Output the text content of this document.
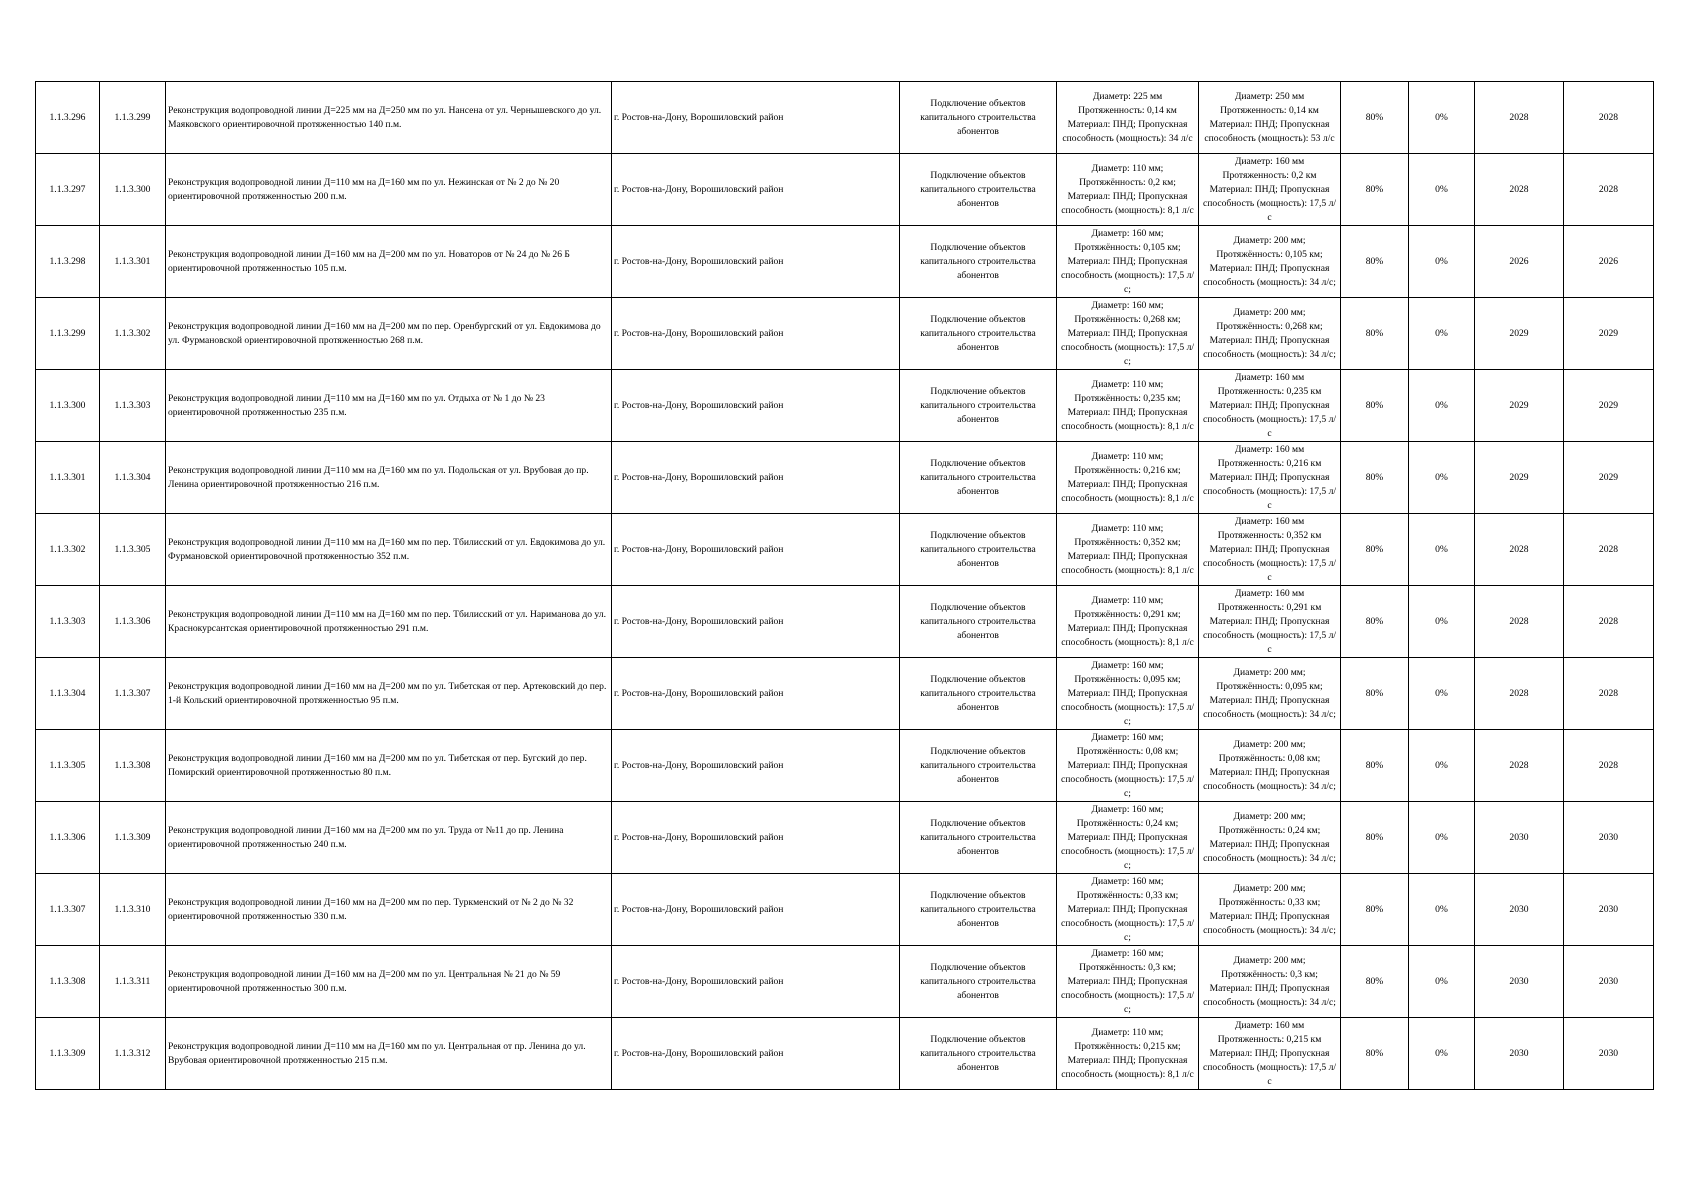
1.1.3.296	1.1.3.299	Реконструкция водопроводной линии Д=225 мм на Д=250 мм по ул. Нансена от ул. Чернышевского до ул. Маяковского ориентировочной протяженностью 140 п.м.	г. Ростов-на-Дону, Ворошиловский район	Подключение объектов капитального строительства абонентов	Диаметр: 225 мм Протяженность: 0,14 км Материал: ПНД; Пропускная способность (мощность): 34 л/с	Диаметр: 250 мм Протяженность: 0,14 км Материал: ПНД; Пропускная способность (мощность): 53 л/с	80%	0%	2028	2028
1.1.3.297	1.1.3.300	Реконструкция водопроводной линии Д=110 мм на Д=160 мм по ул. Нежинская от № 2 до № 20 ориентировочной протяженностью 200 п.м.	г. Ростов-на-Дону, Ворошиловский район	Подключение объектов капитального строительства абонентов	Диаметр: 110 мм; Протяжённость: 0,2 км; Материал: ПНД; Пропускная способность (мощность): 8,1 л/с	Диаметр: 160 мм Протяженность: 0,2 км Материал: ПНД; Пропускная способность (мощность): 17,5 л/с	80%	0%	2028	2028
1.1.3.298	1.1.3.301	Реконструкция водопроводной линии Д=160 мм на Д=200 мм по ул. Новаторов от № 24 до № 26 Б ориентировочной протяженностью 105 п.м.	г. Ростов-на-Дону, Ворошиловский район	Подключение объектов капитального строительства абонентов	Диаметр: 160 мм; Протяжённость: 0,105 км; Материал: ПНД; Пропускная способность (мощность): 17,5 л/с;	Диаметр: 200 мм; Протяжённость: 0,105 км; Материал: ПНД; Пропускная способность (мощность): 34 л/с;	80%	0%	2026	2026
1.1.3.299	1.1.3.302	Реконструкция водопроводной линии Д=160 мм на Д=200 мм по пер. Оренбургский от ул. Евдокимова до ул. Фурмановской ориентировочной протяженностью 268 п.м.	г. Ростов-на-Дону, Ворошиловский район	Подключение объектов капитального строительства абонентов	Диаметр: 160 мм; Протяжённость: 0,268 км; Материал: ПНД; Пропускная способность (мощность): 17,5 л/с;	Диаметр: 200 мм; Протяжённость: 0,268 км; Материал: ПНД; Пропускная способность (мощность): 34 л/с;	80%	0%	2029	2029
1.1.3.300	1.1.3.303	Реконструкция водопроводной линии Д=110 мм на Д=160 мм по ул. Отдыха от № 1 до № 23 ориентировочной протяженностью 235 п.м.	г. Ростов-на-Дону, Ворошиловский район	Подключение объектов капитального строительства абонентов	Диаметр: 110 мм; Протяжённость: 0,235 км; Материал: ПНД; Пропускная способность (мощность): 8,1 л/с	Диаметр: 160 мм Протяженность: 0,235 км Материал: ПНД; Пропускная способность (мощность): 17,5 л/с	80%	0%	2029	2029
1.1.3.301	1.1.3.304	Реконструкция водопроводной линии Д=110 мм на Д=160 мм по ул. Подольская от ул. Врубовая до пр. Ленина ориентировочной протяженностью 216 п.м.	г. Ростов-на-Дону, Ворошиловский район	Подключение объектов капитального строительства абонентов	Диаметр: 110 мм; Протяжённость: 0,216 км; Материал: ПНД; Пропускная способность (мощность): 8,1 л/с	Диаметр: 160 мм Протяженность: 0,216 км Материал: ПНД; Пропускная способность (мощность): 17,5 л/с	80%	0%	2029	2029
1.1.3.302	1.1.3.305	Реконструкция водопроводной линии Д=110 мм на Д=160 мм по пер. Тбилисский от ул. Евдокимова до ул. Фурмановской ориентировочной протяженностью 352 п.м.	г. Ростов-на-Дону, Ворошиловский район	Подключение объектов капитального строительства абонентов	Диаметр: 110 мм; Протяжённость: 0,352 км; Материал: ПНД; Пропускная способность (мощность): 8,1 л/с	Диаметр: 160 мм Протяженность: 0,352 км Материал: ПНД; Пропускная способность (мощность): 17,5 л/с	80%	0%	2028	2028
1.1.3.303	1.1.3.306	Реконструкция водопроводной линии Д=110 мм на Д=160 мм по пер. Тбилисский от ул. Нариманова до ул. Краснокурсантская ориентировочной протяженностью 291 п.м.	г. Ростов-на-Дону, Ворошиловский район	Подключение объектов капитального строительства абонентов	Диаметр: 110 мм; Протяжённость: 0,291 км; Материал: ПНД; Пропускная способность (мощность): 8,1 л/с	Диаметр: 160 мм Протяженность: 0,291 км Материал: ПНД; Пропускная способность (мощность): 17,5 л/с	80%	0%	2028	2028
1.1.3.304	1.1.3.307	Реконструкция водопроводной линии Д=160 мм на Д=200 мм по ул. Тибетская от пер. Артековский до пер. 1-й Кольский ориентировочной протяженностью 95 п.м.	г. Ростов-на-Дону, Ворошиловский район	Подключение объектов капитального строительства абонентов	Диаметр: 160 мм; Протяжённость: 0,095 км; Материал: ПНД; Пропускная способность (мощность): 17,5 л/с;	Диаметр: 200 мм; Протяжённость: 0,095 км; Материал: ПНД; Пропускная способность (мощность): 34 л/с;	80%	0%	2028	2028
1.1.3.305	1.1.3.308	Реконструкция водопроводной линии Д=160 мм на Д=200 мм по ул. Тибетская от пер. Бугский до пер. Помирский ориентировочной протяженностью 80 п.м.	г. Ростов-на-Дону, Ворошиловский район	Подключение объектов капитального строительства абонентов	Диаметр: 160 мм; Протяжённость: 0,08 км; Материал: ПНД; Пропускная способность (мощность): 17,5 л/с;	Диаметр: 200 мм; Протяжённость: 0,08 км; Материал: ПНД; Пропускная способность (мощность): 34 л/с;	80%	0%	2028	2028
1.1.3.306	1.1.3.309	Реконструкция водопроводной линии Д=160 мм на Д=200 мм по ул. Труда от №11 до пр. Ленина ориентировочной протяженностью 240 п.м.	г. Ростов-на-Дону, Ворошиловский район	Подключение объектов капитального строительства абонентов	Диаметр: 160 мм; Протяжённость: 0,24 км; Материал: ПНД; Пропускная способность (мощность): 17,5 л/с;	Диаметр: 200 мм; Протяжённость: 0,24 км; Материал: ПНД; Пропускная способность (мощность): 34 л/с;	80%	0%	2030	2030
1.1.3.307	1.1.3.310	Реконструкция водопроводной линии Д=160 мм на Д=200 мм по пер. Туркменский от № 2 до № 32 ориентировочной протяженностью 330 п.м.	г. Ростов-на-Дону, Ворошиловский район	Подключение объектов капитального строительства абонентов	Диаметр: 160 мм; Протяжённость: 0,33 км; Материал: ПНД; Пропускная способность (мощность): 17,5 л/с;	Диаметр: 200 мм; Протяжённость: 0,33 км; Материал: ПНД; Пропускная способность (мощность): 34 л/с;	80%	0%	2030	2030
1.1.3.308	1.1.3.311	Реконструкция водопроводной линии Д=160 мм на Д=200 мм по ул. Центральная № 21 до № 59 ориентировочной протяженностью 300 п.м.	г. Ростов-на-Дону, Ворошиловский район	Подключение объектов капитального строительства абонентов	Диаметр: 160 мм; Протяжённость: 0,3 км; Материал: ПНД; Пропускная способность (мощность): 17,5 л/с;	Диаметр: 200 мм; Протяжённость: 0,3 км; Материал: ПНД; Пропускная способность (мощность): 34 л/с;	80%	0%	2030	2030
1.1.3.309	1.1.3.312	Реконструкция водопроводной линии Д=110 мм на Д=160 мм по ул. Центральная от пр. Ленина до ул. Врубовая ориентировочной протяженностью 215 п.м.	г. Ростов-на-Дону, Ворошиловский район	Подключение объектов капитального строительства абонентов	Диаметр: 110 мм; Протяжённость: 0,215 км; Материал: ПНД; Пропускная способность (мощность): 8,1 л/с	Диаметр: 160 мм Протяженность: 0,215 км Материал: ПНД; Пропускная способность (мощность): 17,5 л/с	80%	0%	2030	2030
